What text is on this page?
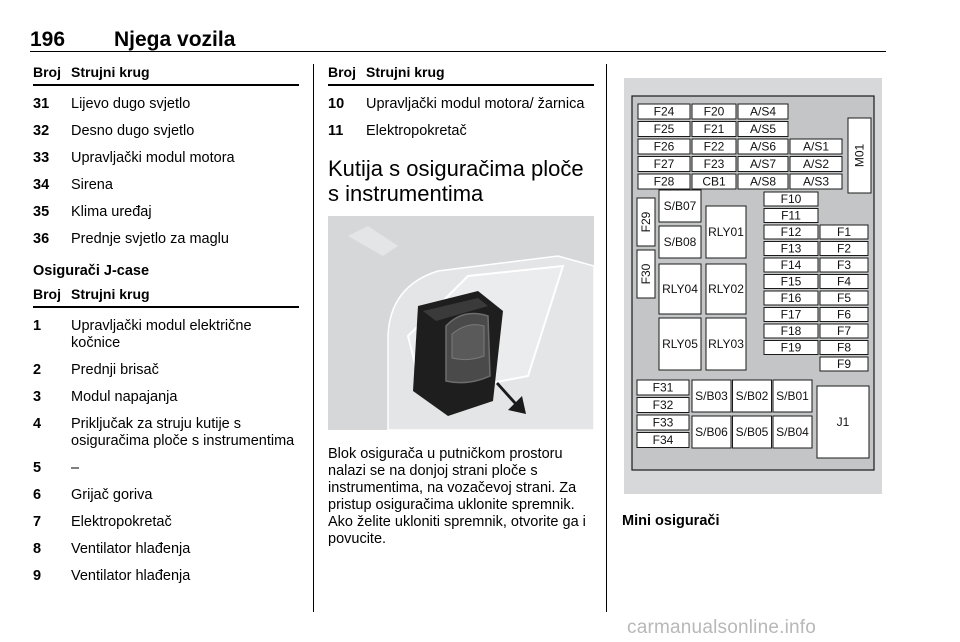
196 Njega vozila
Broj Strujni krug
31	Lijevo dugo svjetlo
32	Desno dugo svjetlo
33	Upravljački modul motora
34	Sirena
35	Klima uređaj
36	Prednje svjetlo za maglu
Osigurači J-case
Broj Strujni krug
1	Upravljački modul električne kočnice
2	Prednji brisač
3	Modul napajanja
4	Priključak za struju kutije s osiguračima ploče s instrumentima
5	–
6	Grijač goriva
7	Elektropokretač
8	Ventilator hlađenja
9	Ventilator hlađenja
Broj Strujni krug
10	Upravljački modul motora/ žarnica
11	Elektropokretač
Kutija s osiguračima ploče s instrumentima
Blok osigurača u putničkom prostoru nalazi se na donjoj strani ploče s instrumentima, na vozačevoj strani. Za pristup osiguračima uklonite spremnik. Ako želite ukloniti spremnik, otvorite ga i povucite.
F24 F20 A/S4
F25 F21 A/S5
F26 F22 A/S6 A/S1
F27 F23 A/S7 A/S2
F28 CB1 A/S8 A/S3
M01
F29
F30
S/B07
S/B08
RLY01
RLY04 RLY02
RLY05 RLY03
F10
F11
F12	F1
F13	F2
F14	F3
F15	F4
F16	F5
F17	F6
F18	F7
F19	F8
F9
F31
F32
F33
F34
S/B03 S/B02 S/B01
S/B06 S/B05 S/B04
J1
Mini osigurači
carmanualsonline.info
